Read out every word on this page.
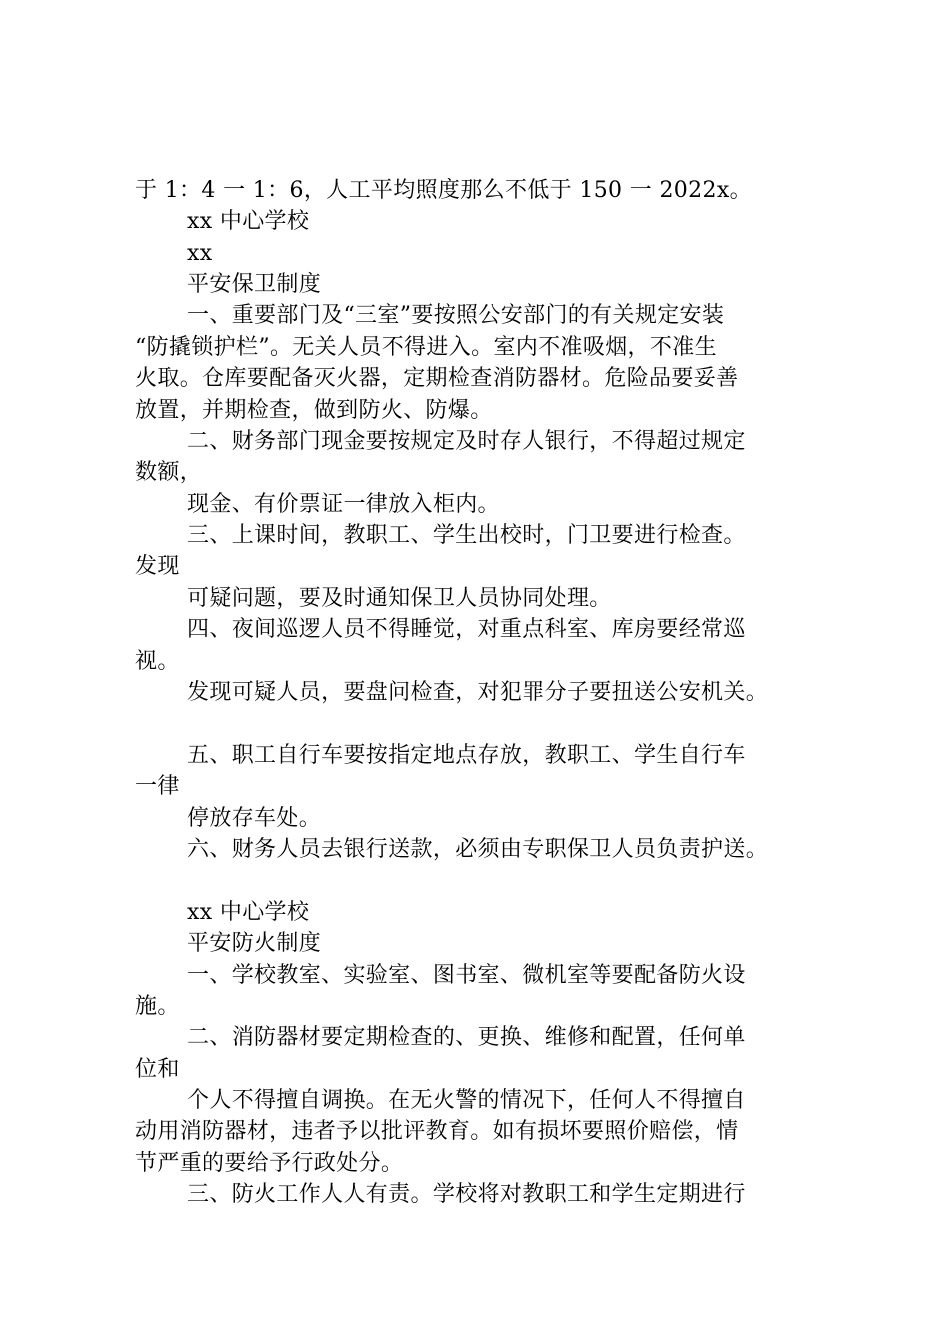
于 1：4 一 1：6，人工平均照度那么不低于 150 一 2022x。
xx 中心学校
xx
平安保卫制度
一、重要部门及“三室”要按照公安部门的有关规定安装
“防撬锁护栏”。无关人员不得进入。室内不准吸烟，不准生
火取。仓库要配备灭火器，定期检查消防器材。危险品要妥善
放置，并期检查，做到防火、防爆。
二、财务部门现金要按规定及时存人银行，不得超过规定
数额，
现金、有价票证一律放入柜内。
三、上课时间，教职工、学生出校时，门卫要进行检查。
发现
可疑问题，要及时通知保卫人员协同处理。
四、夜间巡逻人员不得睡觉，对重点科室、库房要经常巡
视。
发现可疑人员，要盘问检查，对犯罪分子要扭送公安机关。
五、职工自行车要按指定地点存放，教职工、学生自行车
一律
停放存车处。
六、财务人员去银行送款，必须由专职保卫人员负责护送。
xx 中心学校
平安防火制度
一、学校教室、实验室、图书室、微机室等要配备防火设
施。
二、消防器材要定期检查的、更换、维修和配置，任何单
位和
个人不得擅自调换。在无火警的情况下，任何人不得擅自
动用消防器材，违者予以批评教育。如有损坏要照价赔偿，情
节严重的要给予行政处分。
三、防火工作人人有责。学校将对教职工和学生定期进行
